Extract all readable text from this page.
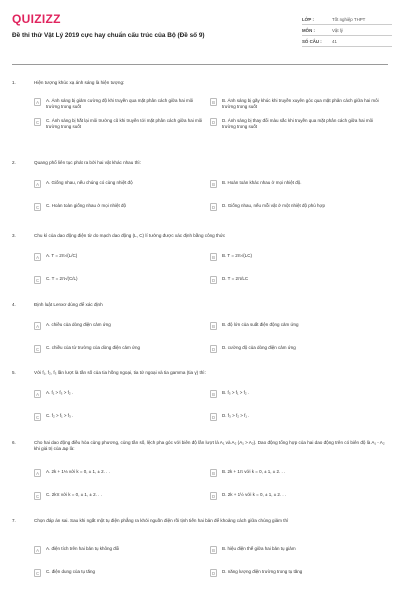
QUIZIZZ
Đề thi thử Vật Lý 2019 cực hay chuẩn cấu trúc của Bộ (Đề số 9)
LỚP :	Tốt nghiệp THPT
MÔN :	Vật lý
SỐ CÂU :	41
1.	Hiện tượng khúc xạ ánh sáng là hiện tượng:
A	A. Ánh sáng bị giảm cường độ khi truyền qua mặt phân cách giữa hai môi trường trong suốt
B	B. Ánh sáng bị gãy khúc khi truyền xuyên góc qua mặt phân cách giữa hai môi trường trong suốt
C	C. Ánh sáng bị hắt lại môi trường cũ khi truyền tới mặt phân cách giữa hai môi trường trong suốt
D	D. Ánh sáng bị thay đổi màu sắc khi truyền qua mặt phân cách giữa hai môi trường trong suốt
2.	Quang phổ liên tục phát ra bởi hai vật khác nhau thì:
A	A. Giống nhau, nếu chúng có cùng nhiệt độ	B	B. Hoàn toàn khác nhau ở mọi nhiệt độ.
C	C. Hoàn toàn giống nhau ở mọi nhiệt độ	D	D. Giống nhau, nếu mỗi vật ở một nhiệt độ phù hợp
3.	Chu kì của dao động điện từ do mạch dao động (L, C) lí tưởng được xác định bằng công thức
A	A. T = 2π√(L/C)	B	B. T = 2π√(LC)
C	C. T = 2π√(C/L)	D	D. T = 2π/LC
4.	Định luật Lenxơ dùng để xác định
A	A. chiều của dòng điện cảm ứng	B	B. độ lớn của suất điện động cảm ứng
C	C. chiều của từ trường của dòng điện cảm ứng	D	D. cường độ của dòng điện cảm ứng
5.	Với f₁, f₂, f₃ lần lượt là tần số của tia hồng ngoại, tia tử ngoại và tia gamma (tia γ) thì:
A	A. f₁ > f₃ > f₂ .	B	B. f₃ > f₁ > f₂ .
C	C. f₂ > f₁ > f₃ .	D	D. f₃ > f₂ > f₁ .
6.	Cho hai dao động điều hòa cùng phương, cùng tần số, lệch pha góc với biên độ lần lượt là A₁ và A₂ (A₁ > A₂). Dao động tổng hợp của hai dao động trên có biên độ là A₁ - A₂ khi giá trị của Δφ là:
A	A. 2k + 1⅓ với k = 0, ± 1, ± 2. . .	B	B. 2k + 1π với k = 0, ± 1, ± 2. . .
C	C. 2kπ với k = 0, ± 1, ± 2. . .	D	D. 2k + 1½ với k = 0, ± 1, ± 2. . .
7.	Chọn đáp án sai. Sau khi ngắt một tụ điện phẳng ra khỏi nguồn điện rồi tịnh tiến hai bản để khoảng cách giữa chúng giảm thì
A	A. điện tích trên hai bản tụ không đổi	B	B. hiệu điện thế giữa hai bản tụ giảm
C	C. điện dung của tụ tăng	D	D. năng lượng điện trường trong tụ tăng
